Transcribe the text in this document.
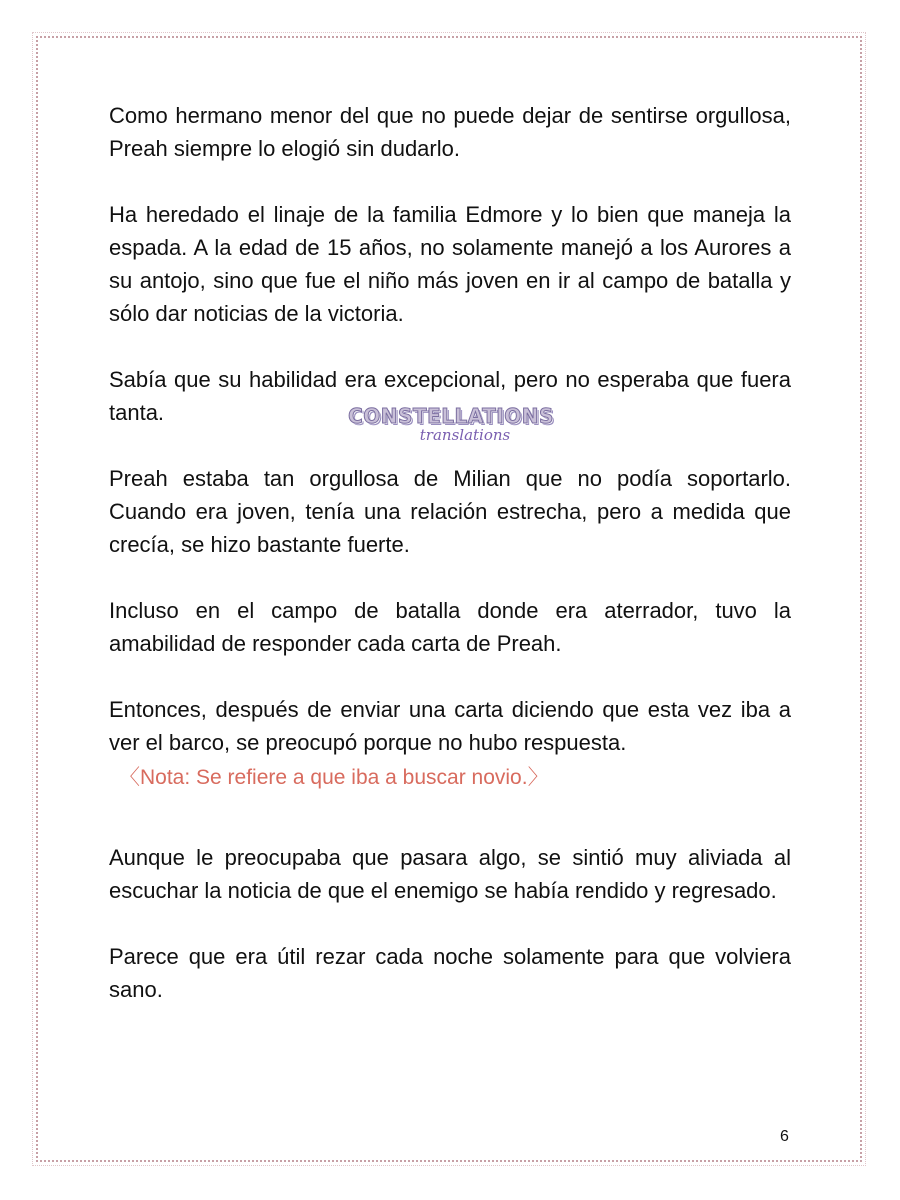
Como hermano menor del que no puede dejar de sentirse orgullosa, Preah siempre lo elogió sin dudarlo.

Ha heredado el linaje de la familia Edmore y lo bien que maneja la espada. A la edad de 15 años, no solamente manejó a los Aurores a su antojo, sino que fue el niño más joven en ir al campo de batalla y sólo dar noticias de la victoria.

Sabía que su habilidad era excepcional, pero no esperaba que fuera tanta.

Preah estaba tan orgullosa de Milian que no podía soportarlo. Cuando era joven, tenía una relación estrecha, pero a medida que crecía, se hizo bastante fuerte.

Incluso en el campo de batalla donde era aterrador, tuvo la amabilidad de responder cada carta de Preah.

Entonces, después de enviar una carta diciendo que esta vez iba a ver el barco, se preocupó porque no hubo respuesta.

〈Nota: Se refiere a que iba a buscar novio.〉

Aunque le preocupaba que pasara algo, se sintió muy aliviada al escuchar la noticia de que el enemigo se había rendido y regresado.

Parece que era útil rezar cada noche solamente para que volviera sano.

CONSTELLATIONS
translations
6
